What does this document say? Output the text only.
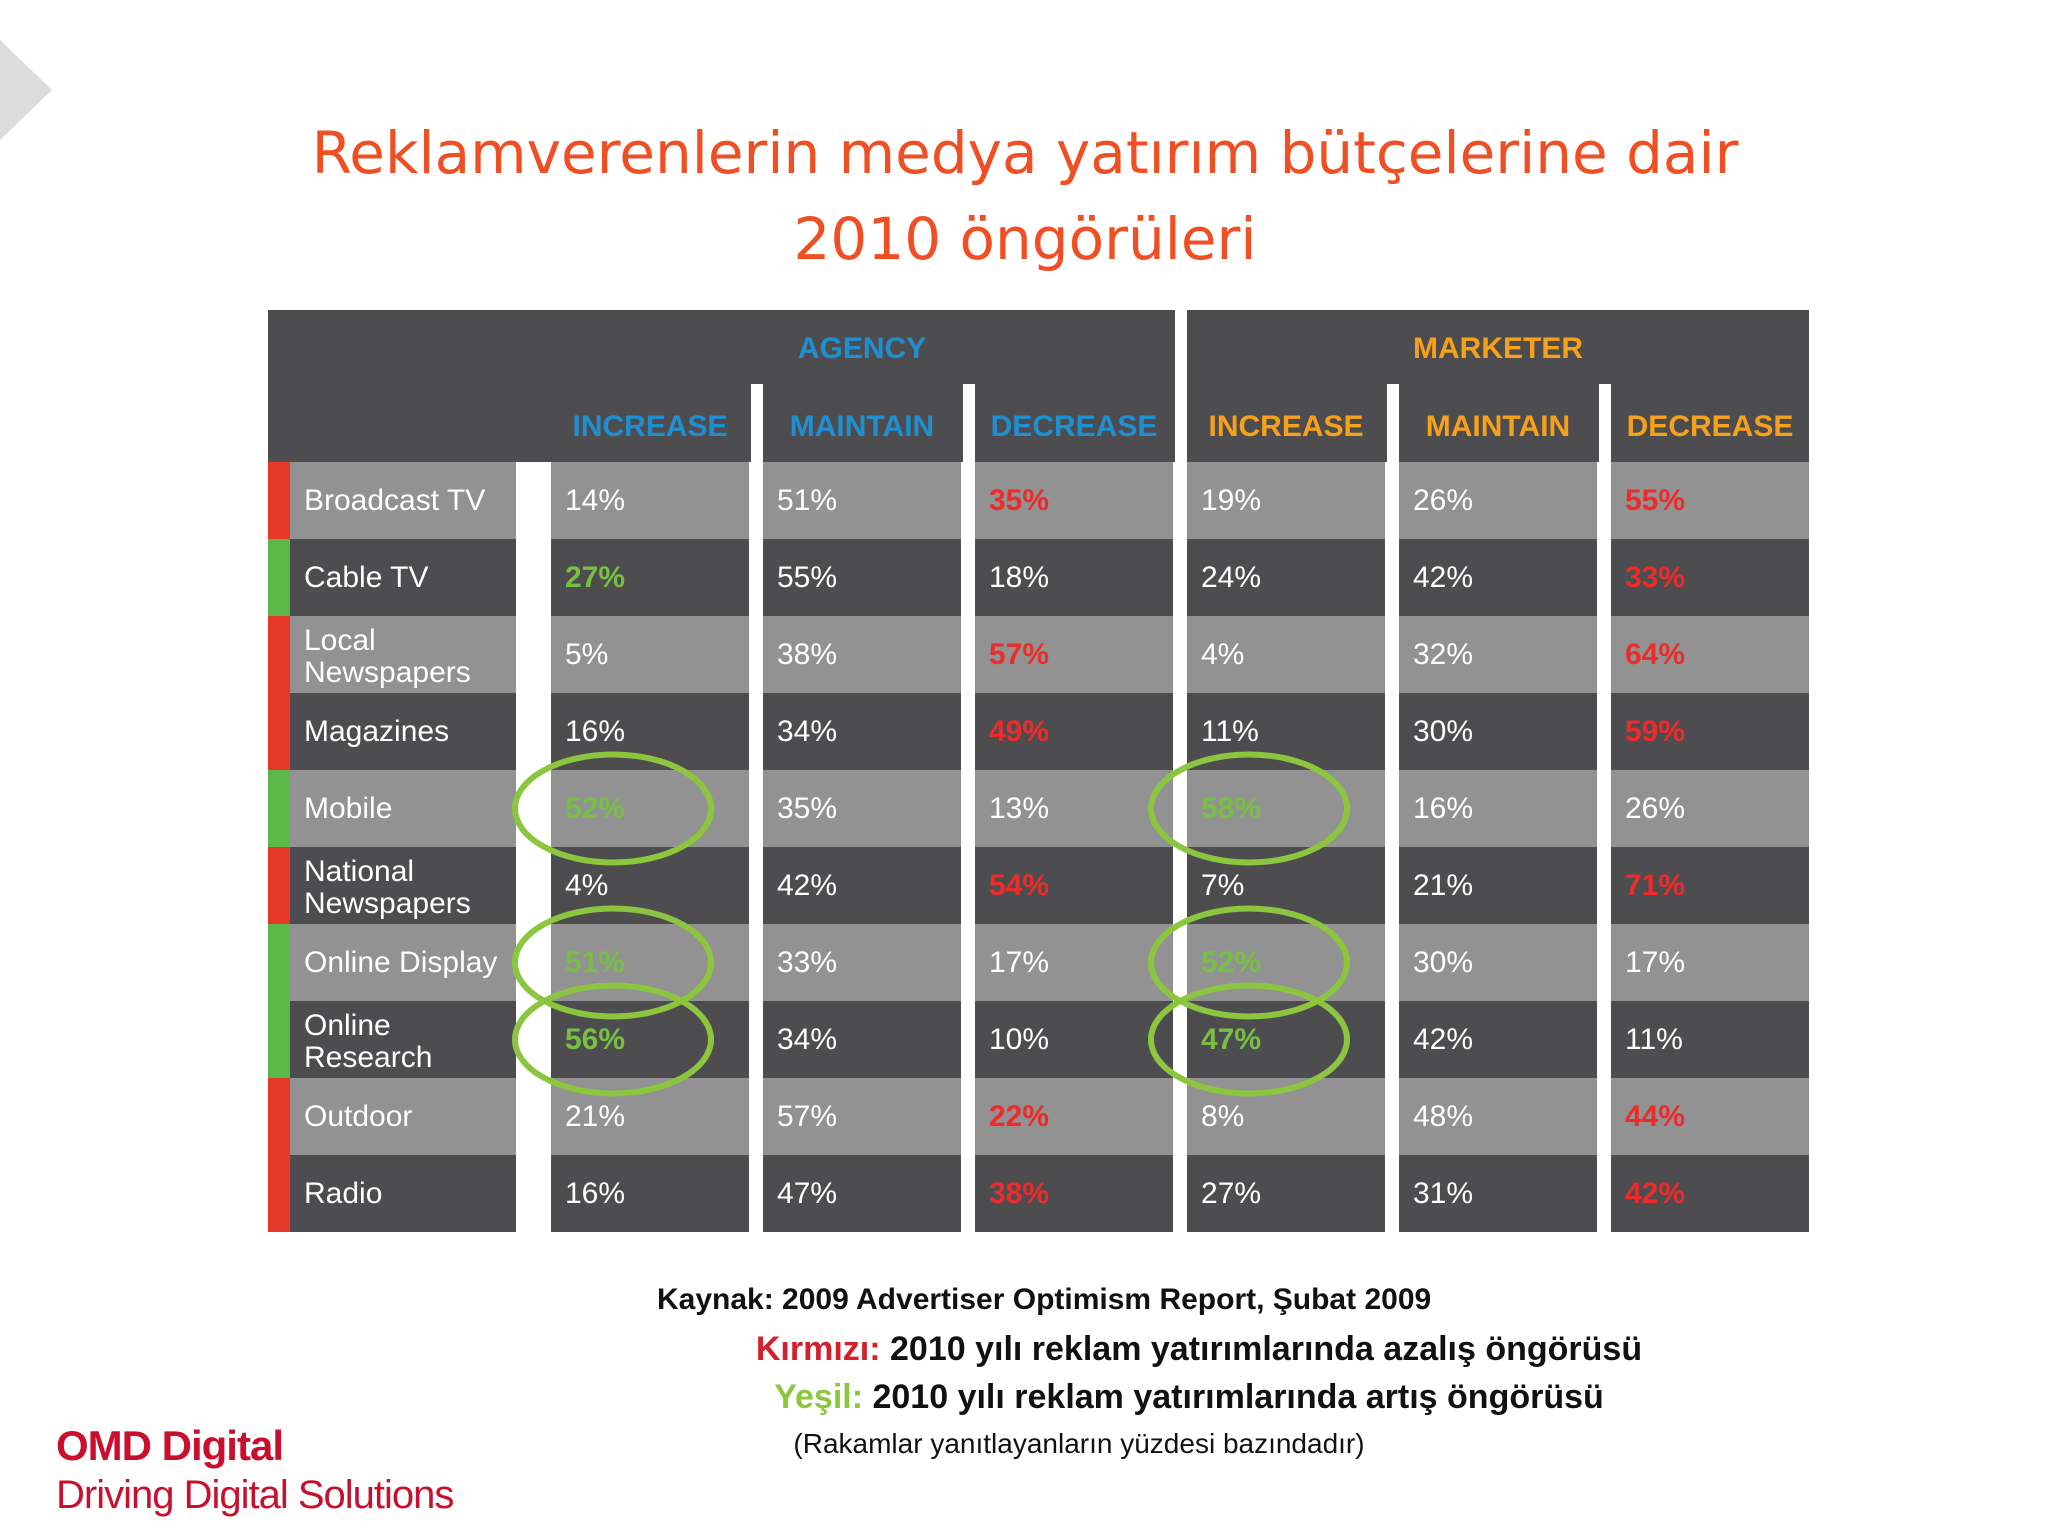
Reklamverenlerin medya yatırım bütçelerine dair 2010 öngörüleri
AGENCY	MARKETER
INCREASE MAINTAIN DECREASE INCREASE MAINTAIN DECREASE
Broadcast TV	14%	51%	35%	19%	26%	55%
Cable TV	27%	55%	18%	24%	42%	33%
Local
Newspapers
5%	38%	57%	4%	32%	64%
Magazines	16%	34%	49%	11%	30%	59%
Mobile	52%	35%	13%	58%	16%	26%
National
Newspapers
4%	42%	54%	7%	21%	71%
Online Display 51%	33%	17%	52%	30%	17%
Online
Research
56%	34%	10%	47%	42%	11%
Outdoor	21%	57%	22%	8%	48%	44%
Radio	16%	47%	38%	27%	31%	42%
Kaynak: 2009 Advertiser Optimism Report, Şubat 2009
Kırmızı: 2010 yılı reklam yatırımlarında azalış öngörüsü
Yeşil: 2010 yılı reklam yatırımlarında artış öngörüsü
(Rakamlar yanıtlayanların yüzdesi bazındadır)
OMD Digital
Driving Digital Solutions
